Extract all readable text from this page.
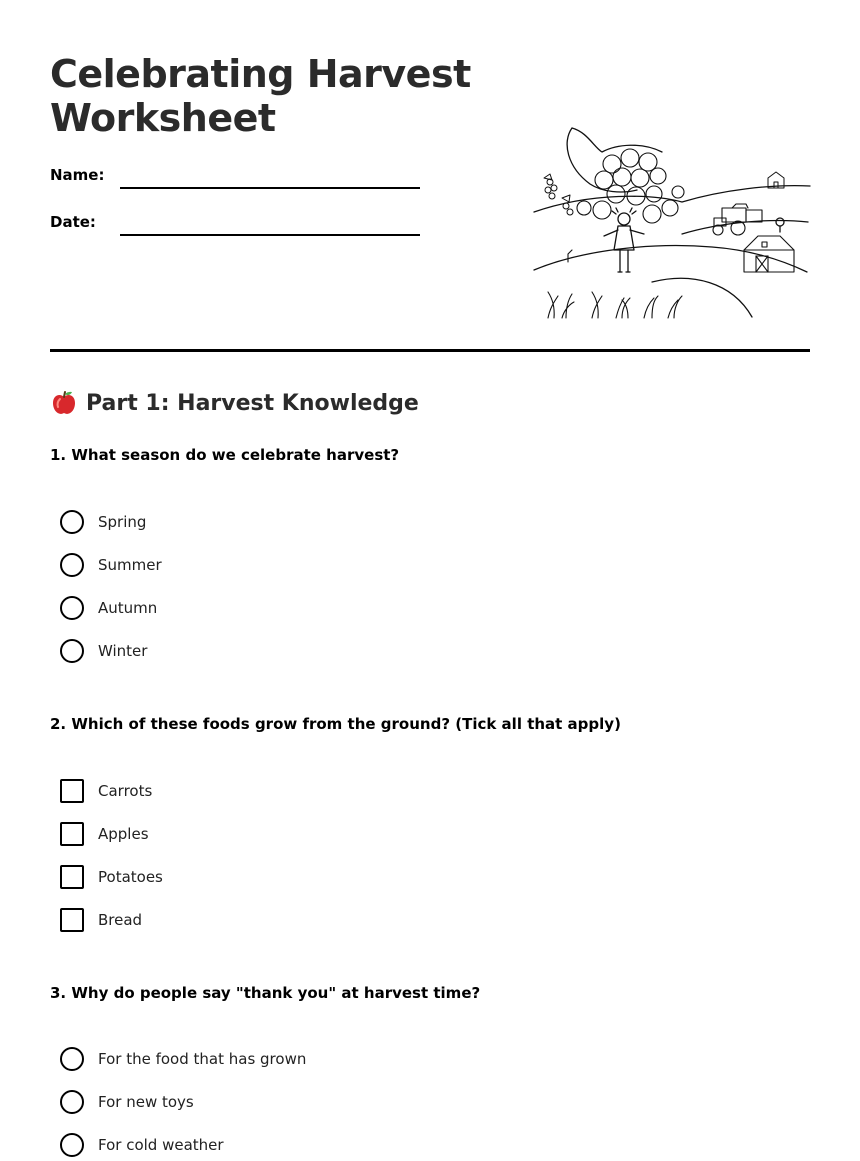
Celebrating Harvest Worksheet
Name:
Date:
Part 1: Harvest Knowledge
1. What season do we celebrate harvest?
Spring
Summer
Autumn
Winter
2. Which of these foods grow from the ground? (Tick all that apply)
Carrots
Apples
Potatoes
Bread
3. Why do people say "thank you" at harvest time?
For the food that has grown
For new toys
For cold weather
